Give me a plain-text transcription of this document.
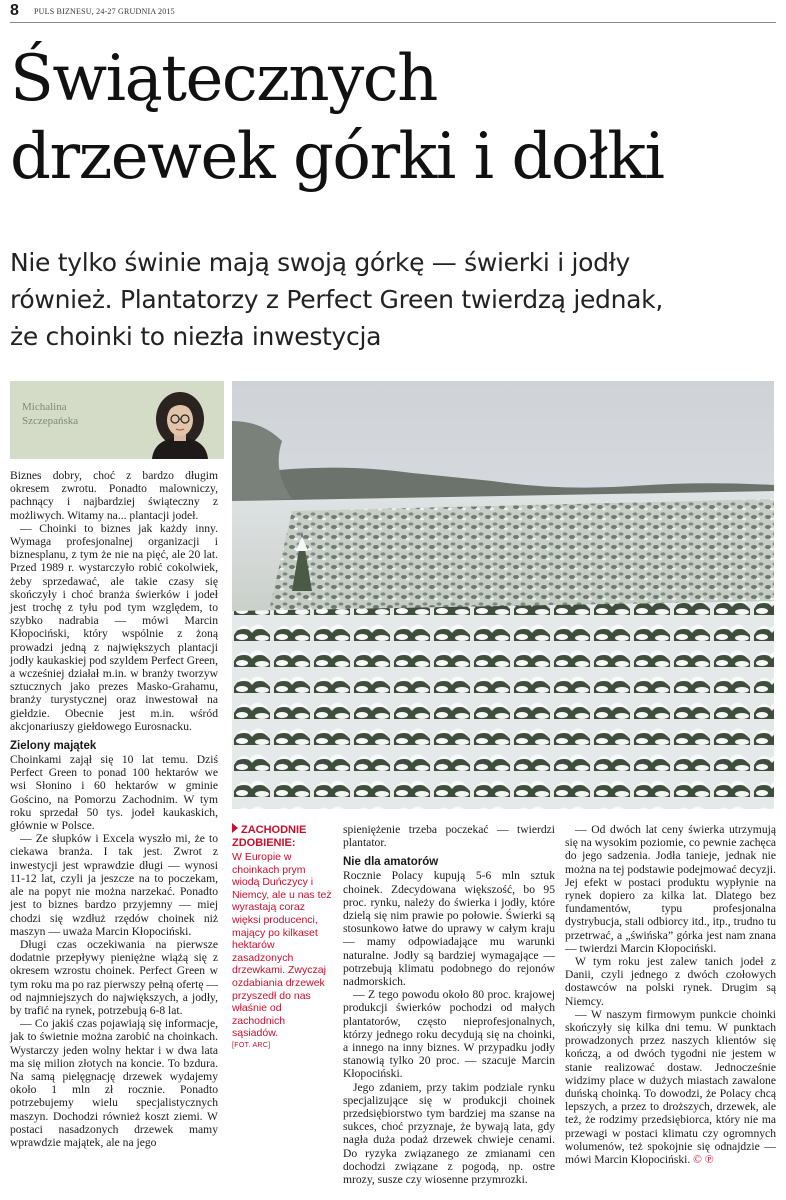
8 PULS BIZNESU, 24-27 GRUDNIA 2015
Świątecznych
drzewek górki i dołki
Nie tylko świnie mają swoją górkę — świerki i jodły
również. Plantatorzy z Perfect Green twierdzą jednak,
że choinki to niezła inwestycja
Michalina
Szczepańska

Biznes dobry, choć z bardzo długim okresem zwrotu. Ponadto malowniczy, pachnący i najbardziej świąteczny z możliwych. Witamy na... plantacji jodeł.

— Choinki to biznes jak każdy inny. Wymaga profesjonalnej organizacji i biznesplanu, z tym że nie na pięć, ale 20 lat. Przed 1989 r. wystarczyło robić cokolwiek, żeby sprzedawać, ale takie czasy się skończyły i choć branża świerków i jodeł jest trochę z tyłu pod tym względem, to szybko nadrabia — mówi Marcin Kłopociński, który wspólnie z żoną prowadzi jedną z największych plantacji jodły kaukaskiej pod szyldem Perfect Green, a wcześniej działał m.in. w branży tworzyw sztucznych jako prezes Masko-Grahamu, branży turystycznej oraz inwestował na giełdzie. Obecnie jest m.in. wśród akcjonariuszy giełdowego Eurosnacku.

Zielony majątek

Choinkami zajął się 10 lat temu. Dziś Perfect Green to ponad 100 hektarów we wsi Słonino i 60 hektarów w gminie Gościno, na Pomorzu Zachodnim. W tym roku sprzedał 50 tys. jodeł kaukaskich, głównie w Polsce.

— Ze słupków i Excela wyszło mi, że to ciekawa branża. I tak jest. Zwrot z inwestycji jest wprawdzie długi — wynosi 11-12 lat, czyli ja jeszcze na to poczekam, ale na popyt nie można narzekać. Ponadto jest to biznes bardzo przyjemny — miej chodzi się wzdłuż rzędów choinek niż maszyn — uważa Marcin Kłopociński.

Długi czas oczekiwania na pierwsze dodatnie przepływy pieniężne wiążą się z okresem wzrostu choinek. Perfect Green w tym roku ma po raz pierwszy pełną ofertę — od najmniejszych do największych, a jodły, by trafić na rynek, potrzebują 6-8 lat.

— Co jakiś czas pojawiają się informacje, jak to świetnie można zarobić na choinkach. Wystarczy jeden wolny hektar i w dwa lata ma się milion złotych na koncie. To bzdura. Na samą pielęgnację drzewek wydajemy około 1 mln zł rocznie. Ponadto potrzebujemy wielu specjalistycznych maszyn. Dochodzi również koszt ziemi. W postaci nasadzonych drzewek mamy wprawdzie majątek, ale na jego

ZACHODNIE ZDOBIENIE:
W Europie w choinkach prym wiodą Duńczycy i Niemcy, ale u nas też wyrastają coraz więksi producenci, mający po kilkaset hektarów zasadzonych drzewkami. Zwyczaj ozdabiania drzewek przyszedł do nas właśnie od zachodnich sąsiadów.
[FOT. ARC]

spieniężenie trzeba poczekać — twierdzi plantator.

Nie dla amatorów

Rocznie Polacy kupują 5-6 mln sztuk choinek. Zdecydowana większość, bo 95 proc. rynku, należy do świerka i jodły, które dzielą się nim prawie po połowie. Świerki są stosunkowo łatwe do uprawy w całym kraju — mamy odpowiadające mu warunki naturalne. Jodły są bardziej wymagające — potrzebują klimatu podobnego do rejonów nadmorskich.

— Z tego powodu około 80 proc. krajowej produkcji świerków pochodzi od małych plantatorów, często nieprofesjonalnych, którzy jednego roku decydują się na choinki, a innego na inny biznes. W przypadku jodły stanowią tylko 20 proc. — szacuje Marcin Kłopociński.

Jego zdaniem, przy takim podziale rynku specjalizujące się w produkcji choinek przedsiębiorstwo tym bardziej ma szanse na sukces, choć przyznaje, że bywają lata, gdy nagła duża podaż drzewek chwieje cenami. Do ryzyka związanego ze zmianami cen dochodzi związane z pogodą, np. ostre mrozy, susze czy wiosenne przymrozki.

— Od dwóch lat ceny świerka utrzymują się na wysokim poziomie, co pewnie zachęca do jego sadzenia. Jodła tanieje, jednak nie można na tej podstawie podejmować decyzji. Jej efekt w postaci produktu wypłynie na rynek dopiero za kilka lat. Dlatego bez fundamentów, typu profesjonalna dystrybucja, stali odbiorcy itd., itp., trudno tu przetrwać, a „świńska” górka jest nam znana — twierdzi Marcin Kłopociński.

W tym roku jest zalew tanich jodeł z Danii, czyli jednego z dwóch czołowych dostawców na polski rynek. Drugim są Niemcy.

— W naszym firmowym punkcie choinki skończyły się kilka dni temu. W punktach prowadzonych przez naszych klientów się kończą, a od dwóch tygodni nie jestem w stanie realizować dostaw. Jednocześnie widzimy place w dużych miastach zawalone duńską choinką. To dowodzi, że Polacy chcą lepszych, a przez to droższych, drzewek, ale też, że rodzimy przedsiębiorca, który nie ma przewagi w postaci klimatu czy ogromnych wolumenów, też spokojnie się odnajdzie — mówi Marcin Kłopociński. © ℗
